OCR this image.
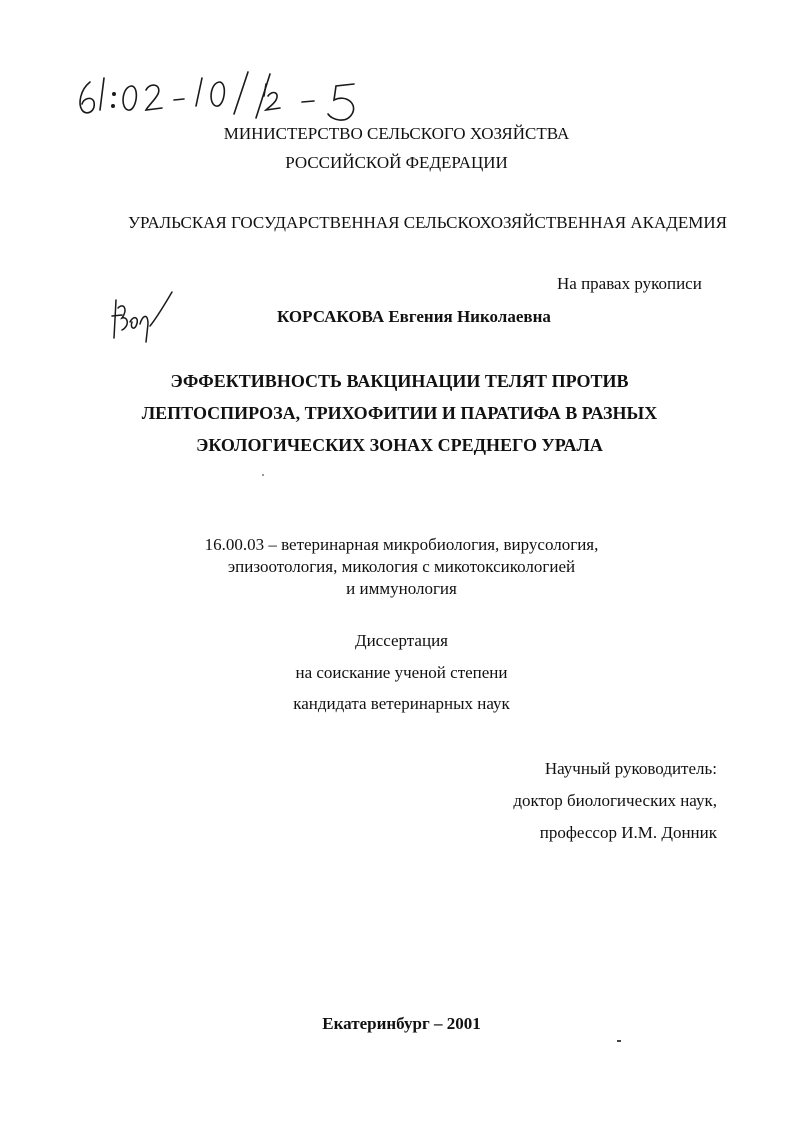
МИНИСТЕРСТВО СЕЛЬСКОГО ХОЗЯЙСТВА
РОССИЙСКОЙ ФЕДЕРАЦИИ
УРАЛЬСКАЯ ГОСУДАРСТВЕННАЯ СЕЛЬСКОХОЗЯЙСТВЕННАЯ АКАДЕМИЯ
На правах рукописи
КОРСАКОВА Евгения Николаевна
ЭФФЕКТИВНОСТЬ ВАКЦИНАЦИИ ТЕЛЯТ ПРОТИВ
ЛЕПТОСПИРОЗА, ТРИХОФИТИИ И ПАРАТИФА В РАЗНЫХ
ЭКОЛОГИЧЕСКИХ ЗОНАХ СРЕДНЕГО УРАЛА
16.00.03 – ветеринарная микробиология, вирусология,
эпизоотология, микология с микотоксикологией
и иммунология
Диссертация
на соискание ученой степени
кандидата ветеринарных наук
Научный руководитель:
доктор биологических наук,
профессор И.М. Донник
Екатеринбург – 2001
